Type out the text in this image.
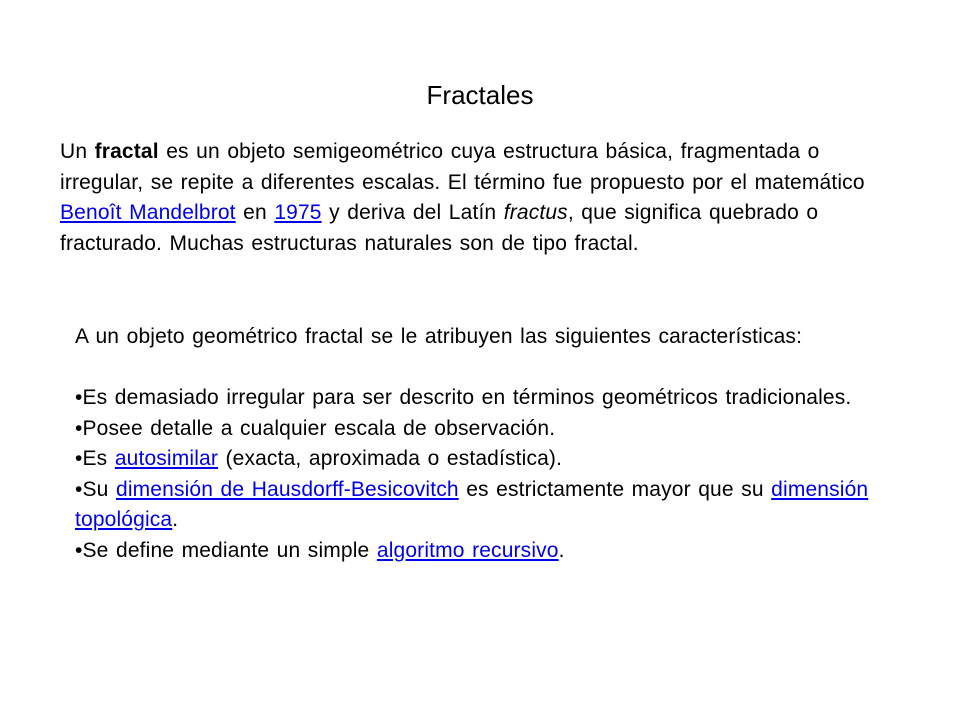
Fractales

Un fractal es un objeto semigeométrico cuya estructura básica, fragmentada o irregular, se repite a diferentes escalas. El término fue propuesto por el matemático Benoît Mandelbrot en 1975 y deriva del Latín fractus, que significa quebrado o fracturado. Muchas estructuras naturales son de tipo fractal.

A un objeto geométrico fractal se le atribuyen las siguientes características:

•Es demasiado irregular para ser descrito en términos geométricos tradicionales.

•Posee detalle a cualquier escala de observación.

•Es autosimilar (exacta, aproximada o estadística).

•Su dimensión de Hausdorff-Besicovitch es estrictamente mayor que su dimensión topológica.

•Se define mediante un simple algoritmo recursivo.
